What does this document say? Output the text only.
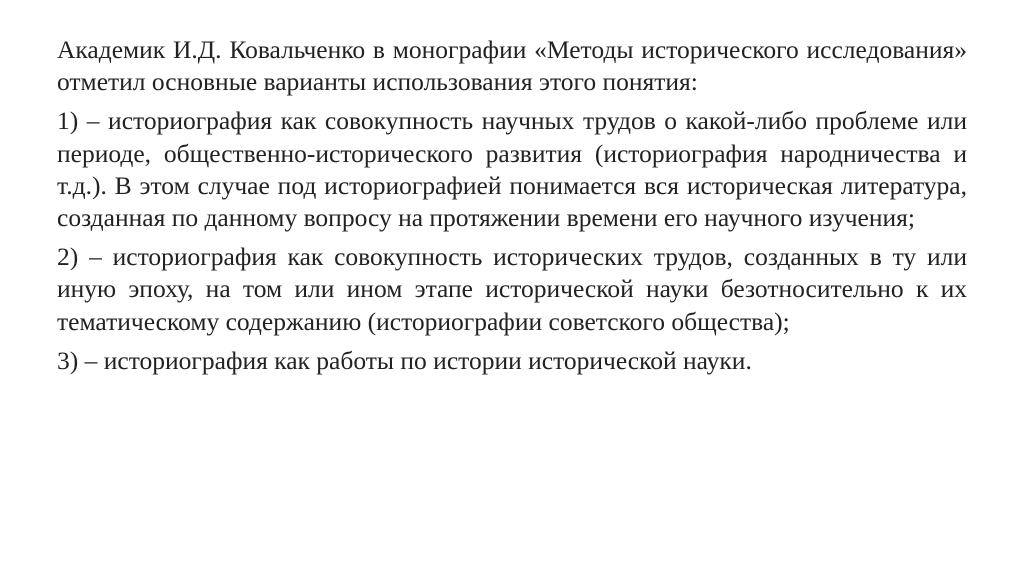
Академик И.Д. Ковальченко в монографии «Методы исторического исследования» отметил основные варианты использования этого понятия:

1) – историография как совокупность научных трудов о какой-либо проблеме или периоде, общественно-исторического развития (историография народничества и т.д.). В этом случае под историографией понимается вся историческая литература, созданная по данному вопросу на протяжении времени его научного изучения;

2) – историография как совокупность исторических трудов, созданных в ту или иную эпоху, на том или ином этапе исторической науки безотносительно к их тематическому содержанию (историографии советского общества);

3) – историография как работы по истории исторической науки.
